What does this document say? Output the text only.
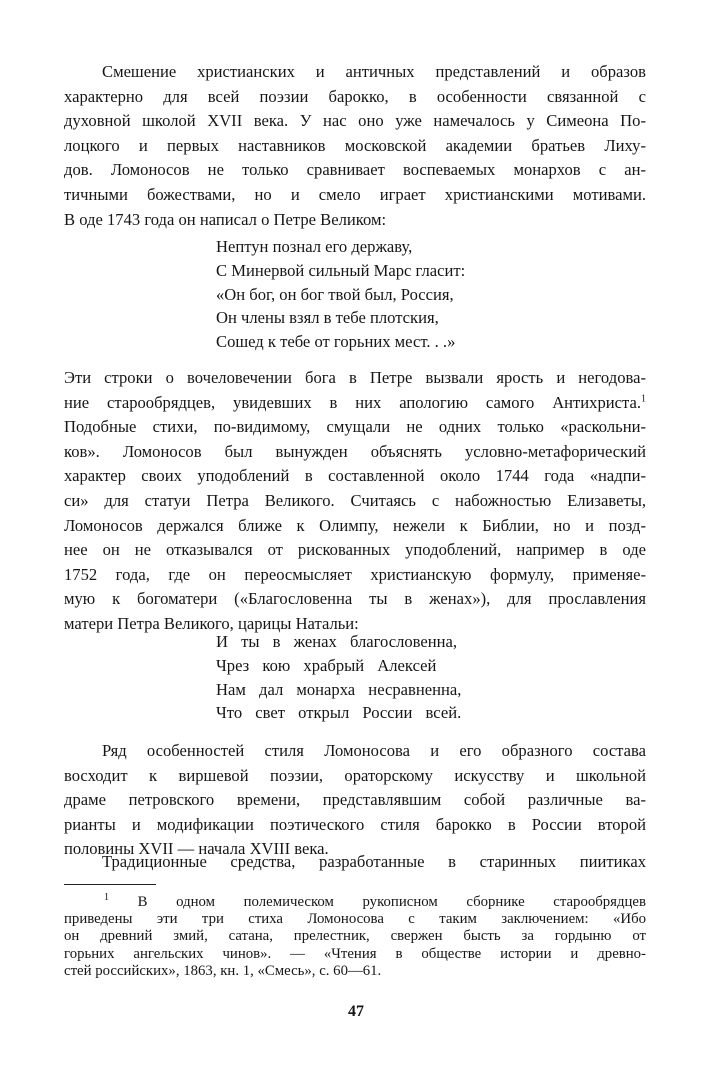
Смешение христианских и античных представлений и образов
характерно для всей поэзии барокко, в особенности связанной с
духовной школой XVII века. У нас оно уже намечалось у Симеона По-
лоцкого и первых наставников московской академии братьев Лиху-
дов. Ломоносов не только сравнивает воспеваемых монархов с ан-
тичными божествами, но и смело играет христианскими мотивами.
В оде 1743 года он написал о Петре Великом:

Нептун познал его державу,
С Минервой сильный Марс гласит:
«Он бог, он бог твой был, Россия,
Он члены взял в тебе плотския,
Сошед к тебе от горьних мест. . .»

Эти строки о вочеловечении бога в Петре вызвали ярость и негодова-
ние старообрядцев, увидевших в них апологию самого Антихриста.$^1$
Подобные стихи, по-видимому, смущали не одних только «раскольни-
ков». Ломоносов был вынужден объяснять условно-метафорический
характер своих уподоблений в составленной около 1744 года «надпи-
си» для статуи Петра Великого. Считаясь с набожностью Елизаветы,
Ломоносов держался ближе к Олимпу, нежели к Библии, но и позд-
нее он не отказывался от рискованных уподоблений, например в оде
1752 года, где он переосмысляет христианскую формулу, применяе-
мую к богоматери («Благословенна ты в женах»), для прославления
матери Петра Великого, царицы Натальи:

И ты в женах благословенна,
Чрез кою храбрый Алексей
Нам дал монарха несравненна,
Что свет открыл России всей.

Ряд особенностей стиля Ломоносова и его образного состава
восходит к виршевой поэзии, ораторскому искусству и школьной
драме петровского времени, представлявшим собой различные ва-
рианты и модификации поэтического стиля барокко в России второй
половины XVII — начала XVIII века.

Традиционные средства, разработанные в старинных пиитиках

$^1$ В одном полемическом рукописном сборнике старообрядцев
приведены эти три стиха Ломоносова с таким заключением: «Ибо
он древний змий, сатана, прелестник, свержен бысть за гордыню от
горьних ангельских чинов». — «Чтения в обществе истории и древно-
стей российских», 1863, кн. 1, «Смесь», с. 60—61.

47
